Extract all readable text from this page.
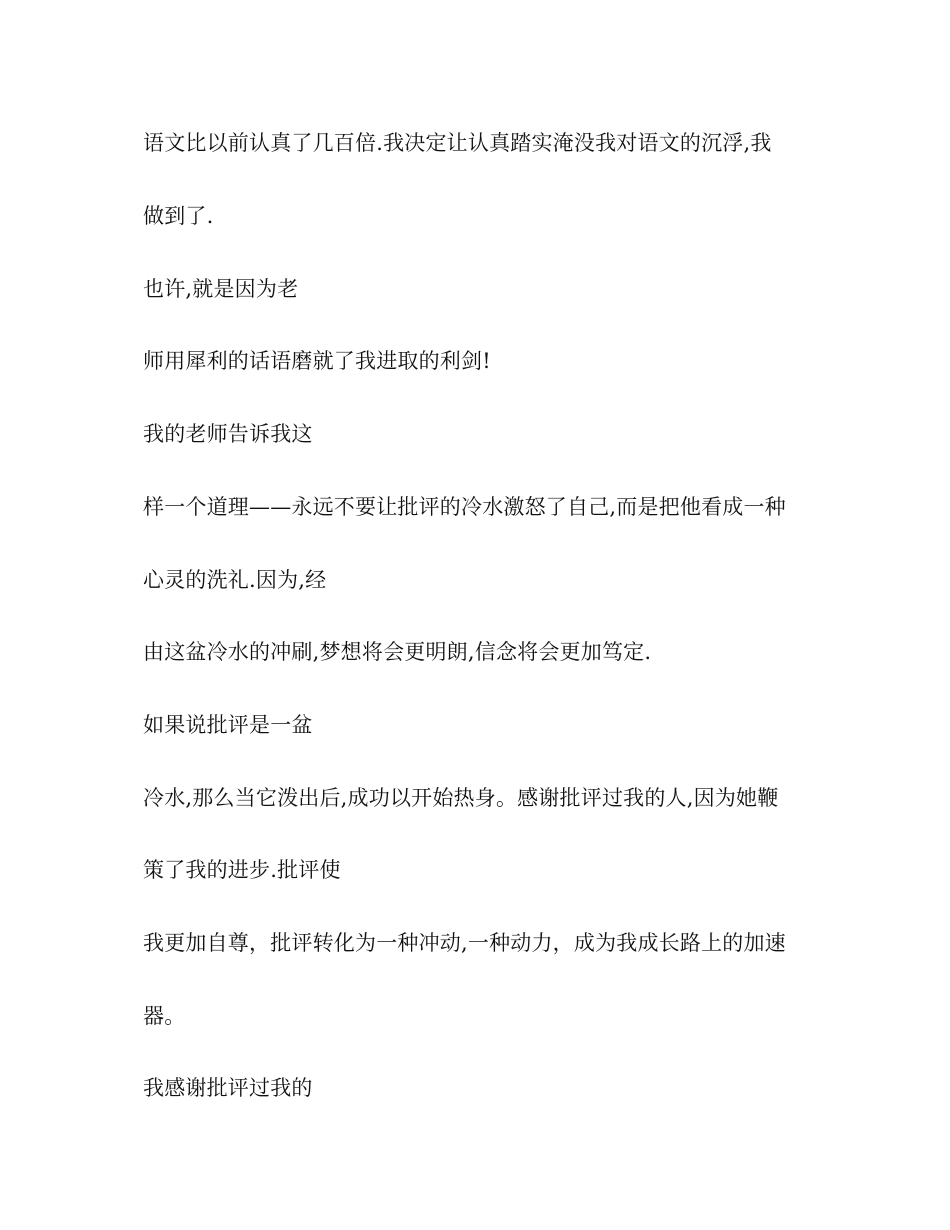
语文比以前认真了几百倍.我决定让认真踏实淹没我对语文的沉浮,我
做到了.
也许,就是因为老
师用犀利的话语磨就了我进取的利剑!
我的老师告诉我这
样一个道理——永远不要让批评的冷水激怒了自己,而是把他看成一种
心灵的洗礼.因为,经
由这盆冷水的冲刷,梦想将会更明朗,信念将会更加笃定.
如果说批评是一盆
冷水,那么当它泼出后,成功以开始热身。感谢批评过我的人,因为她鞭
策了我的进步.批评使
我更加自尊，批评转化为一种冲动,一种动力，成为我成长路上的加速
器。
我感谢批评过我的
